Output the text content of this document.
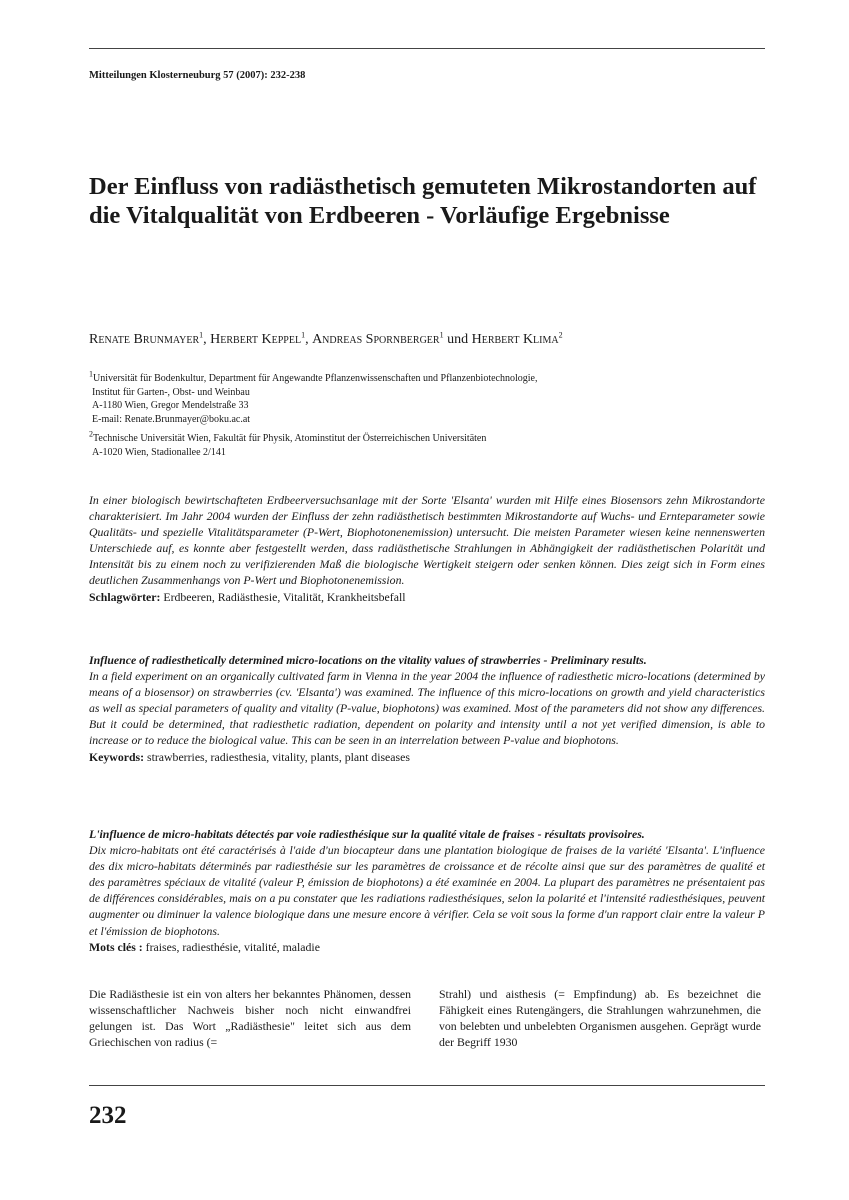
Mitteilungen Klosterneuburg 57 (2007): 232-238
Der Einfluss von radiästhetisch gemuteten Mikrostandorten auf die Vitalqualität von Erdbeeren - Vorläufige Ergebnisse
Renate Brunmayer$^1$, Herbert Keppel$^1$, Andreas Spornberger$^1$ und Herbert Klima$^2$
$^1$Universität für Bodenkultur, Department für Angewandte Pflanzenwissenschaften und Pflanzenbiotechnologie,
Institut für Garten-, Obst- und Weinbau
A-1180 Wien, Gregor Mendelstraße 33
E-mail: Renate.Brunmayer@boku.ac.at
$^2$Technische Universität Wien, Fakultät für Physik, Atominstitut der Österreichischen Universitäten
A-1020 Wien, Stadionallee 2/141
In einer biologisch bewirtschafteten Erdbeerversuchsanlage mit der Sorte 'Elsanta' wurden mit Hilfe eines Biosensors zehn Mikrostandorte charakterisiert. Im Jahr 2004 wurden der Einfluss der zehn radiästhetisch bestimmten Mikrostandorte auf Wuchs- und Ernteparameter sowie Qualitäts- und spezielle Vitalitätsparameter (P-Wert, Biophotonenemission) untersucht. Die meisten Parameter wiesen keine nennenswerten Unterschiede auf, es konnte aber festgestellt werden, dass radiästhetische Strahlungen in Abhängigkeit der radiästhetischen Polarität und Intensität bis zu einem noch zu verifizierenden Maß die biologische Wertigkeit steigern oder senken können. Dies zeigt sich in Form eines deutlichen Zusammenhangs von P-Wert und Biophotonenemission.
Schlagwörter: Erdbeeren, Radiästhesie, Vitalität, Krankheitsbefall
Influence of radiesthetically determined micro-locations on the vitality values of strawberries - Preliminary results.
In a field experiment on an organically cultivated farm in Vienna in the year 2004 the influence of radiesthetic micro-locations (determined by means of a biosensor) on strawberries (cv. 'Elsanta') was examined. The influence of this micro-locations on growth and yield characteristics as well as special parameters of quality and vitality (P-value, biophotons) was examined. Most of the parameters did not show any differences. But it could be determined, that radiesthetic radiation, dependent on polarity and intensity until a not yet verified dimension, is able to increase or to reduce the biological value. This can be seen in an interrelation between P-value and biophotons.
Keywords: strawberries, radiesthesia, vitality, plants, plant diseases
L'influence de micro-habitats détectés par voie radiesthésique sur la qualité vitale de fraises - résultats provisoires.
Dix micro-habitats ont été caractérisés à l'aide d'un biocapteur dans une plantation biologique de fraises de la variété 'Elsanta'. L'influence des dix micro-habitats déterminés par radiesthésie sur les paramètres de croissance et de récolte ainsi que sur des paramètres de qualité et des paramètres spéciaux de vitalité (valeur P, émission de biophotons) a été examinée en 2004. La plupart des paramètres ne présentaient pas de différences considérables, mais on a pu constater que les radiations radiesthésiques, selon la polarité et l'intensité radiesthésiques, peuvent augmenter ou diminuer la valence biologique dans une mesure encore à vérifier. Cela se voit sous la forme d'un rapport clair entre la valeur P et l'émission de biophotons.
Mots clés : fraises, radiesthésie, vitalité, maladie
Die Radiästhesie ist ein von alters her bekanntes Phänomen, dessen wissenschaftlicher Nachweis bisher noch nicht einwandfrei gelungen ist. Das Wort „Radiästhesie" leitet sich aus dem Griechischen von radius (=
Strahl) und aisthesis (= Empfindung) ab. Es bezeichnet die Fähigkeit eines Rutengängers, die Strahlungen wahrzunehmen, die von belebten und unbelebten Organismen ausgehen. Geprägt wurde der Begriff 1930
232
